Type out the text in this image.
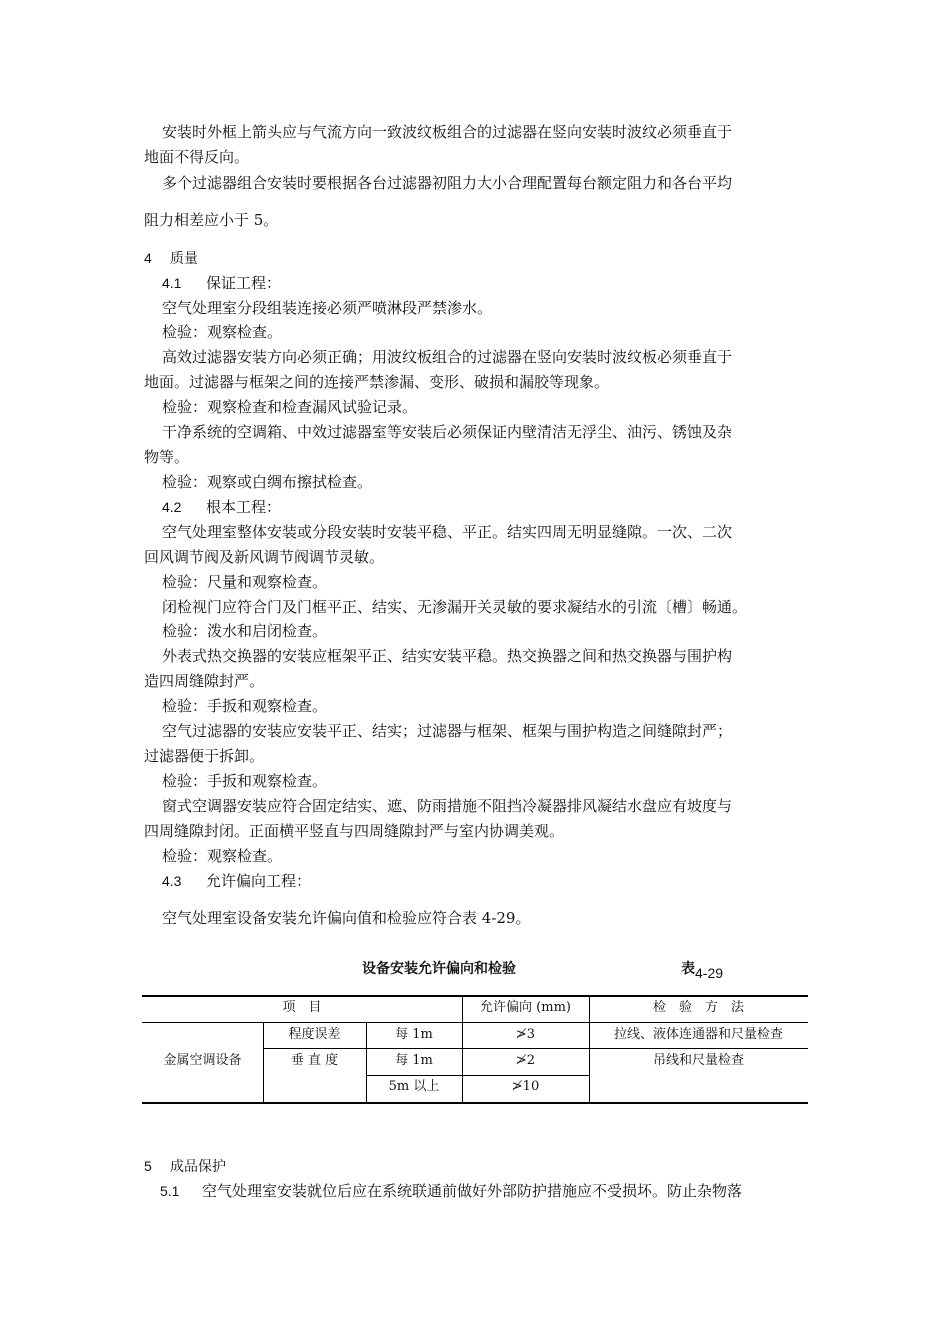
安装时外框上箭头应与气流方向一致波纹板组合的过滤器在竖向安装时波纹必须垂直于
地面不得反向。
多个过滤器组合安装时要根据各台过滤器初阻力大小合理配置每台额定阻力和各台平均
阻力相差应小于 5。
4 质量
4.1 保证工程：
空气处理室分段组装连接必须严喷淋段严禁渗水。
检验：观察检查。
高效过滤器安装方向必须正确；用波纹板组合的过滤器在竖向安装时波纹板必须垂直于
地面。过滤器与框架之间的连接严禁渗漏、变形、破损和漏胶等现象。
检验：观察检查和检查漏风试验记录。
干净系统的空调箱、中效过滤器室等安装后必须保证内壁清洁无浮尘、油污、锈蚀及杂
物等。
检验：观察或白绸布擦拭检查。
4.2 根本工程：
空气处理室整体安装或分段安装时安装平稳、平正。结实四周无明显缝隙。一次、二次
回风调节阀及新风调节阀调节灵敏。
检验：尺量和观察检查。
闭检视门应符合门及门框平正、结实、无渗漏开关灵敏的要求凝结水的引流〔槽〕畅通。
检验：泼水和启闭检查。
外表式热交换器的安装应框架平正、结实安装平稳。热交换器之间和热交换器与围护构
造四周缝隙封严。
检验：手扳和观察检查。
空气过滤器的安装应安装平正、结实；过滤器与框架、框架与围护构造之间缝隙封严；
过滤器便于拆卸。
检验：手扳和观察检查。
窗式空调器安装应符合固定结实、遮、防雨措施不阻挡冷凝器排风凝结水盘应有坡度与
四周缝隙封闭。正面横平竖直与四周缝隙封严与室内协调美观。
检验：观察检查。
4.3 允许偏向工程：
空气处理室设备安装允许偏向值和检验应符合表 4-29。
设备安装允许偏向和检验	表4-29
项　目	允许偏向 (mm)	检　验　方　法
金属空调设备
程度误差	每 1m	≯3	拉线、液体连通器和尺量检查
垂 直 度	每 1m	≯2	吊线和尺量检查
5m 以上	≯10
5 成品保护
5.1 空气处理室安装就位后应在系统联通前做好外部防护措施应不受损坏。防止杂物落
